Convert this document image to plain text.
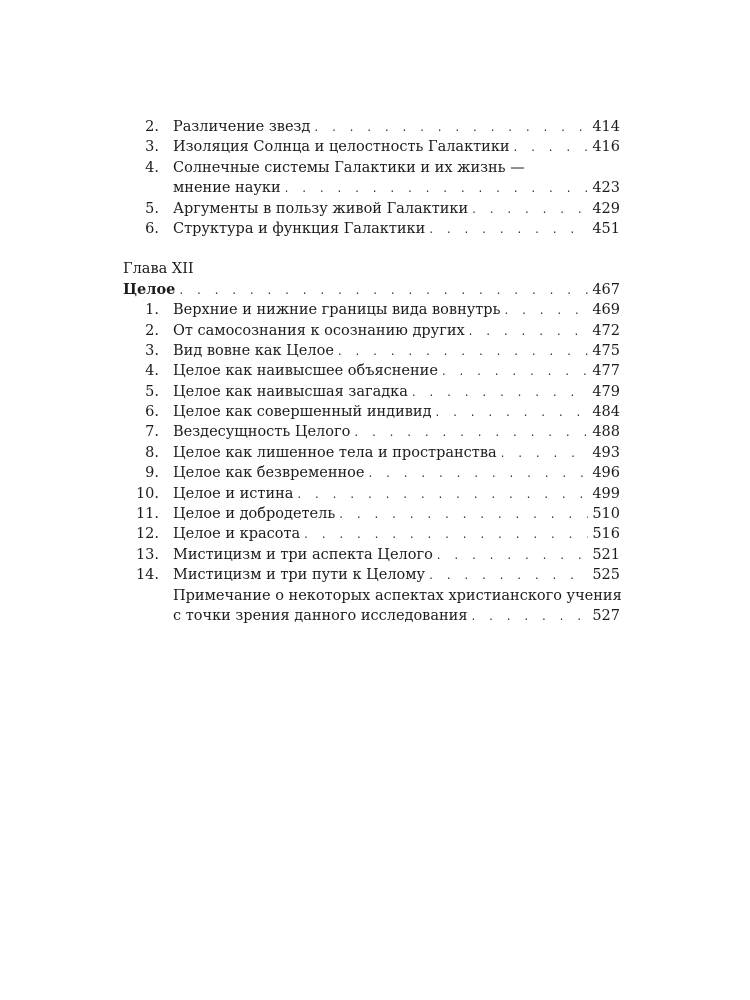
2. Различение звезд . . .	414
3. Изоляция Солнца и целостность Галактики . . .	416
4. Солнечные системы Галактики и их жизнь —
мнение науки . . .	423
5. Аргументы в пользу живой Галактики . . .	429
6. Структура и функция Галактики . . .	451
Глава XII
Целое . . .	467
1. Верхние и нижние границы вида вовнутрь . . .	469
2. От самосознания к осознанию других . . .	472
3. Вид вовне как Целое . . .	475
4. Целое как наивысшее объяснение . . .	477
5. Целое как наивысшая загадка . . .	479
6. Целое как совершенный индивид . . .	484
7. Вездесущность Целого . . .	488
8. Целое как лишенное тела и пространства . . .	493
9. Целое как безвременное . . .	496
10. Целое и истина . . .	499
11. Целое и добродетель . . .	510
12. Целое и красота . . .	516
13. Мистицизм и три аспекта Целого . . .	521
14. Мистицизм и три пути к Целому . . .	525
Примечание о некоторых аспектах христианского учения
с точки зрения данного исследования . . .	527
